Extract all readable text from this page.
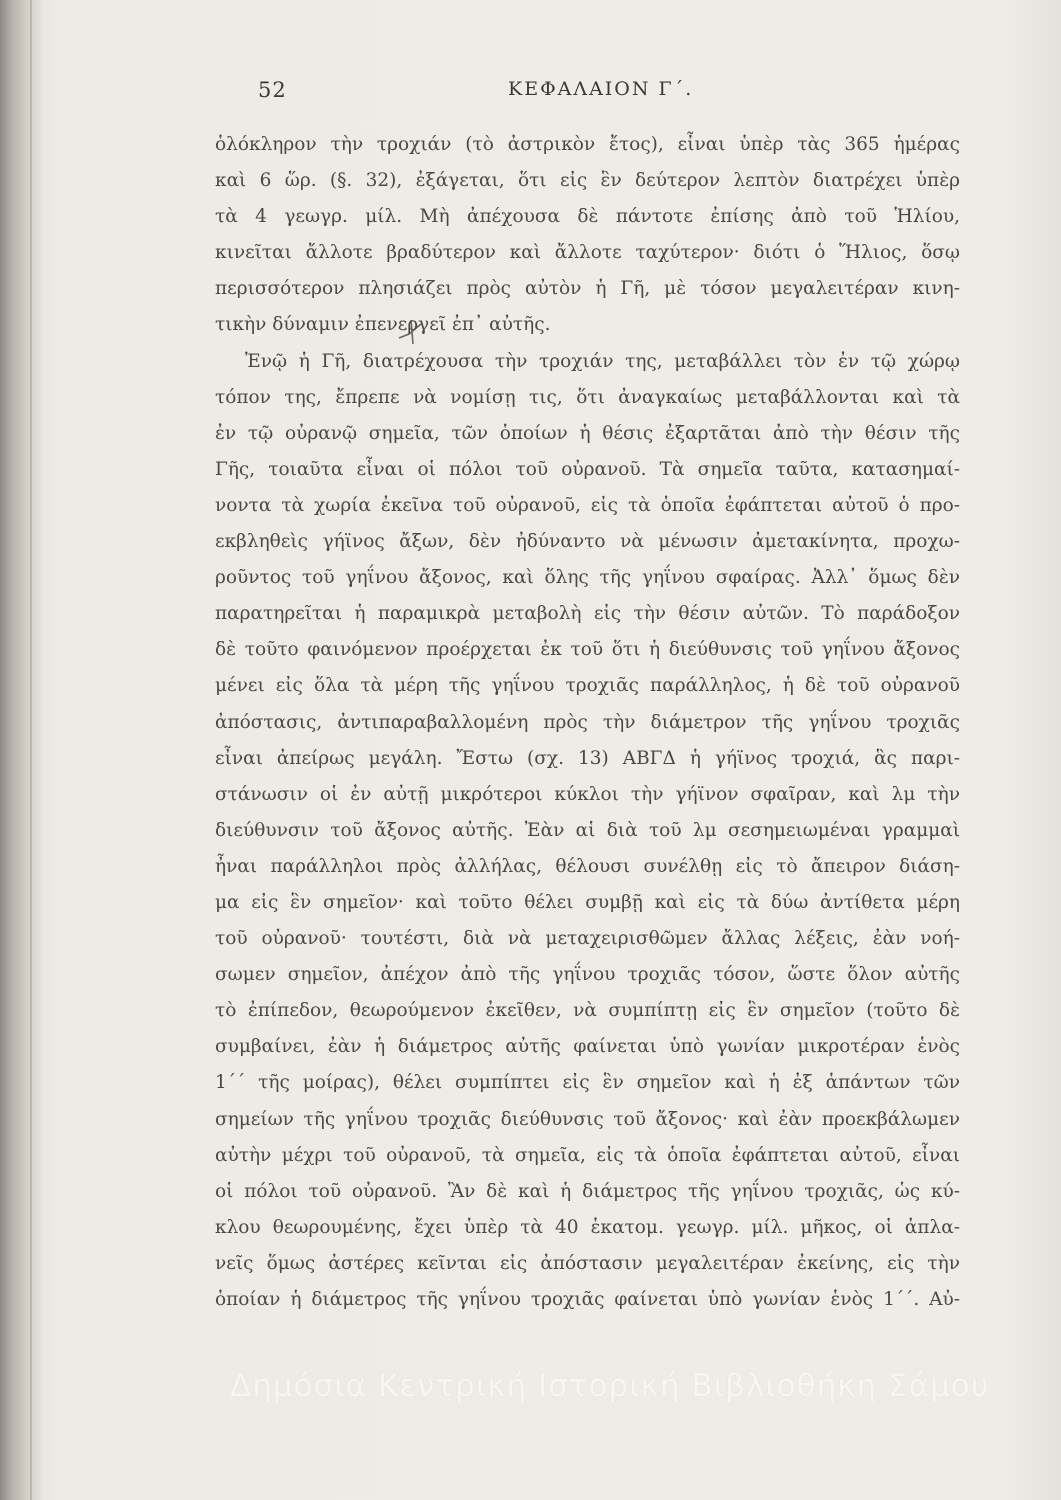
52	ΚΕΦΑΛΑΙΟΝ Γ΄.
ὁλόκληρον τὴν τροχιάν (τὸ ἀστρικὸν ἔτος), εἶναι ὑπὲρ τὰς 365 ἡμέρας
καὶ 6 ὥρ. (§. 32), ἐξάγεται, ὅτι εἰς ἓν δεύτερον λεπτὸν διατρέχει ὑπὲρ
τὰ 4 γεωγρ. μίλ. Μὴ ἀπέχουσα δὲ πάντοτε ἐπίσης ἀπὸ τοῦ Ἡλίου,
κινεῖται ἄλλοτε βραδύτερον καὶ ἄλλοτε ταχύτερον· διότι ὁ Ἥλιος, ὅσῳ
περισσότερον πλησιάζει πρὸς αὐτὸν ἡ Γῆ, μὲ τόσον μεγαλειτέραν κινη-
τικὴν δύναμιν ἐπενεργεῖ ἐπ᾽ αὐτῆς.
Ἐνῷ ἡ Γῆ, διατρέχουσα τὴν τροχιάν της, μεταβάλλει τὸν ἐν τῷ χώρῳ
τόπον της, ἔπρεπε νὰ νομίσῃ τις, ὅτι ἀναγκαίως μεταβάλλονται καὶ τὰ
ἐν τῷ οὐρανῷ σημεῖα, τῶν ὁποίων ἡ θέσις ἐξαρτᾶται ἀπὸ τὴν θέσιν τῆς
Γῆς, τοιαῦτα εἶναι οἱ πόλοι τοῦ οὐρανοῦ. Τὰ σημεῖα ταῦτα, κατασημαί-
νοντα τὰ χωρία ἐκεῖνα τοῦ οὐρανοῦ, εἰς τὰ ὁποῖα ἐφάπτεται αὐτοῦ ὁ προ-
εκβληθεὶς γήϊνος ἄξων, δὲν ἠδύναντο νὰ μένωσιν ἀμετακίνητα, προχω-
ροῦντος τοῦ γηΐνου ἄξονος, καὶ ὅλης τῆς γηΐνου σφαίρας. Ἀλλ᾽ ὅμως δὲν
παρατηρεῖται ἡ παραμικρὰ μεταβολὴ εἰς τὴν θέσιν αὐτῶν. Τὸ παράδοξον
δὲ τοῦτο φαινόμενον προέρχεται ἐκ τοῦ ὅτι ἡ διεύθυνσις τοῦ γηΐνου ἄξονος
μένει εἰς ὅλα τὰ μέρη τῆς γηΐνου τροχιᾶς παράλληλος, ἡ δὲ τοῦ οὐρανοῦ
ἀπόστασις, ἀντιπαραβαλλομένη πρὸς τὴν διάμετρον τῆς γηΐνου τροχιᾶς
εἶναι ἀπείρως μεγάλη. Ἔστω (σχ. 13) ΑΒΓΔ ἡ γήϊνος τροχιά, ἃς παρι-
στάνωσιν οἱ ἐν αὐτῇ μικρότεροι κύκλοι τὴν γήϊνον σφαῖραν, καὶ λμ τὴν
διεύθυνσιν τοῦ ἄξονος αὐτῆς. Ἐὰν αἱ διὰ τοῦ λμ σεσημειωμέναι γραμμαὶ
ἦναι παράλληλοι πρὸς ἀλλήλας, θέλουσι συνέλθῃ εἰς τὸ ἄπειρον διάση-
μα εἰς ἓν σημεῖον· καὶ τοῦτο θέλει συμβῇ καὶ εἰς τὰ δύω ἀντίθετα μέρη
τοῦ οὐρανοῦ· τουτέστι, διὰ νὰ μεταχειρισθῶμεν ἄλλας λέξεις, ἐὰν νοή-
σωμεν σημεῖον, ἀπέχον ἀπὸ τῆς γηΐνου τροχιᾶς τόσον, ὥστε ὅλον αὐτῆς
τὸ ἐπίπεδον, θεωρούμενον ἐκεῖθεν, νὰ συμπίπτῃ εἰς ἓν σημεῖον (τοῦτο δὲ
συμβαίνει, ἐὰν ἡ διάμετρος αὐτῆς φαίνεται ὑπὸ γωνίαν μικροτέραν ἑνὸς
1΄΄ τῆς μοίρας), θέλει συμπίπτει εἰς ἓν σημεῖον καὶ ἡ ἐξ ἁπάντων τῶν
σημείων τῆς γηΐνου τροχιᾶς διεύθυνσις τοῦ ἄξονος· καὶ ἐὰν προεκβάλωμεν
αὐτὴν μέχρι τοῦ οὐρανοῦ, τὰ σημεῖα, εἰς τὰ ὁποῖα ἐφάπτεται αὐτοῦ, εἶναι
οἱ πόλοι τοῦ οὐρανοῦ. Ἂν δὲ καὶ ἡ διάμετρος τῆς γηΐνου τροχιᾶς, ὡς κύ-
κλου θεωρουμένης, ἔχει ὑπὲρ τὰ 40 ἑκατομ. γεωγρ. μίλ. μῆκος, οἱ ἀπλα-
νεῖς ὅμως ἀστέρες κεῖνται εἰς ἀπόστασιν μεγαλειτέραν ἐκείνης, εἰς τὴν
ὁποίαν ἡ διάμετρος τῆς γηΐνου τροχιᾶς φαίνεται ὑπὸ γωνίαν ἑνὸς 1΄΄. Αὐ-
Δημόσια Κεντρική Ιστορική Βιβλιοθήκη Σάμου
